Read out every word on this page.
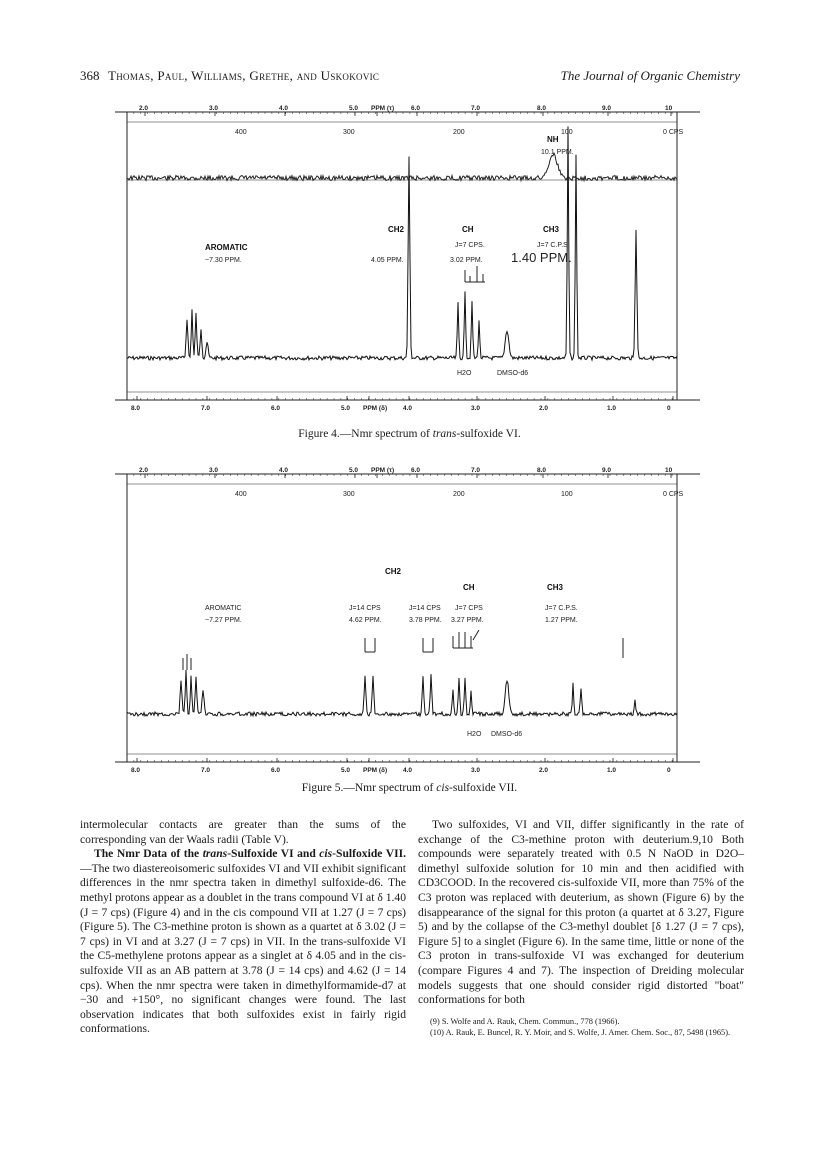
368 Thomas, Paul, Williams, Grethe, and Uskokovic	The Journal of Organic Chemistry
2.0	3.0	4.0	5.0 PPM (τ)	6.0	7.0	8.0	9.0	10
8.0	7.0	6.0	5.0 PPM (δ) 4.0	3.0	2.0	1.0	0
400	300	200	100	0 CPS
NH
10.1 PPM.
AROMATIC
~7.30 PPM.
CH2
4.05 PPM.
CH
J=7 CPS.
3.02 PPM.
CH3
J=7 C.P.S.
1.40 PPM.
H2O	DMSO-d6
Figure 4.—Nmr spectrum of trans-sulfoxide VI.
2.0	3.0	4.0	5.0 PPM (τ)	6.0	7.0	8.0	9.0	10
8.0	7.0	6.0	5.0 PPM (δ) 4.0	3.0	2.0	1.0	0
400	300	200	100	0 CPS
CH2
CH	CH3
AROMATIC
~7.27 PPM.
J=14 CPS
4.62 PPM.
J=14 CPS
3.78 PPM.
J=7 CPS
3.27 PPM.
J=7 C.P.S.
1.27 PPM.
H2O DMSO-d6
Figure 5.—Nmr spectrum of cis-sulfoxide VII.

intermolecular contacts are greater than the sums of the corresponding van der Waals radii (Table V).

The Nmr Data of the trans-Sulfoxide VI and cis-Sulfoxide VII.—The two diastereoisomeric sulfoxides VI and VII exhibit significant differences in the nmr spectra taken in dimethyl sulfoxide-d6. The methyl protons appear as a doublet in the trans compound VI at δ 1.40 (J = 7 cps) (Figure 4) and in the cis compound VII at 1.27 (J = 7 cps) (Figure 5). The C3-methine proton is shown as a quartet at δ 3.02 (J = 7 cps) in VI and at 3.27 (J = 7 cps) in VII. In the trans-sulfoxide VI the C5-methylene protons appear as a singlet at δ 4.05 and in the cis-sulfoxide VII as an AB pattern at 3.78 (J = 14 cps) and 4.62 (J = 14 cps). When the nmr spectra were taken in dimethylformamide-d7 at −30 and +150°, no significant changes were found. The last observation indicates that both sulfoxides exist in fairly rigid conformations.

Two sulfoxides, VI and VII, differ significantly in the rate of exchange of the C3-methine proton with deuterium.9,10 Both compounds were separately treated with 0.5 N NaOD in D2O–dimethyl sulfoxide solution for 10 min and then acidified with CD3COOD. In the recovered cis-sulfoxide VII, more than 75% of the C3 proton was replaced with deuterium, as shown (Figure 6) by the disappearance of the signal for this proton (a quartet at δ 3.27, Figure 5) and by the collapse of the C3-methyl doublet [δ 1.27 (J = 7 cps), Figure 5] to a singlet (Figure 6). In the same time, little or none of the C3 proton in trans-sulfoxide VI was exchanged for deuterium (compare Figures 4 and 7). The inspection of Dreiding molecular models suggests that one should consider rigid distorted "boat" conformations for both

(9) S. Wolfe and A. Rauk, Chem. Commun., 778 (1966).

(10) A. Rauk, E. Buncel, R. Y. Moir, and S. Wolfe, J. Amer. Chem. Soc., 87, 5498 (1965).
